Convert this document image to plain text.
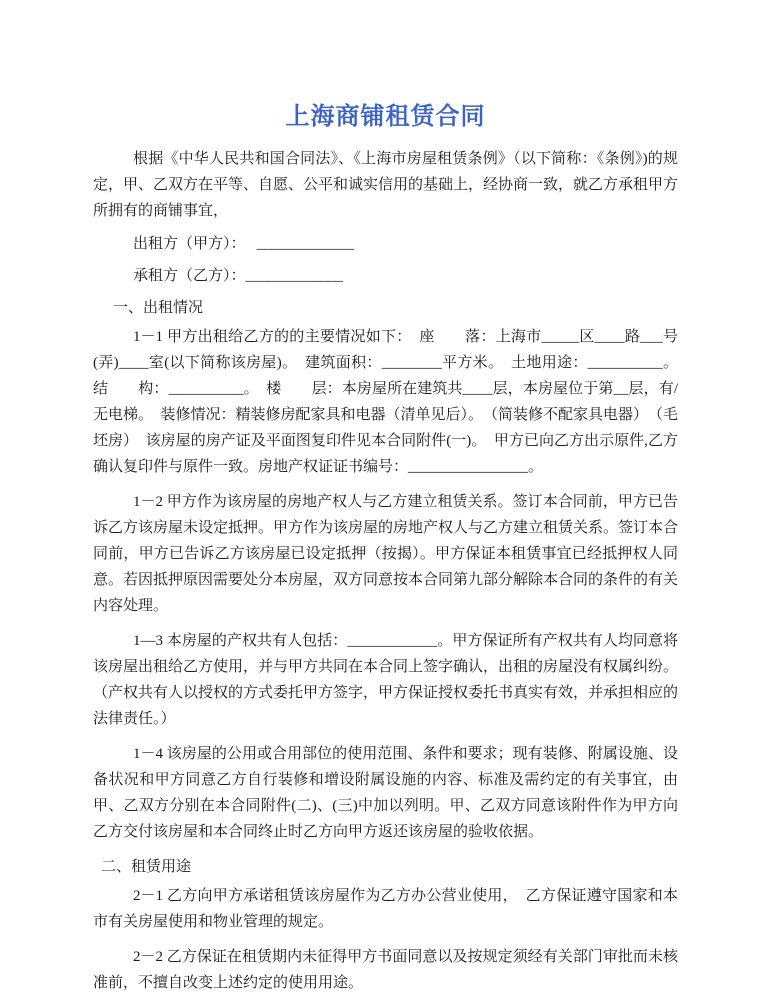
上海商铺租赁合同

根据《中华人民共和国合同法》、《上海市房屋租赁条例》（以下简称：《条例》)的规定，甲、乙双方在平等、自愿、公平和诚实信用的基础上，经协商一致，就乙方承租甲方所拥有的商铺事宜，

出租方（甲方）：　 _____________

承租方（乙方）：_____________

一、出租情况

1－1 甲方出租给乙方的的主要情况如下：　座　　落：上海市_____区____路___号(弄)____室(以下简称该房屋)。　建筑面积：________平方米。　土地用途：__________。结　　构：__________。　楼　　层：本房屋所在建筑共____层，本房屋位于第__层，有/无电梯。　装修情况：精装修房配家具和电器（清单见后）。　（简装修不配家具电器）　（毛坯房）　该房屋的房产证及平面图复印件见本合同附件(一)。　甲方已向乙方出示原件,乙方确认复印件与原件一致。房地产权证证书编号：________________。

1－2 甲方作为该房屋的房地产权人与乙方建立租赁关系。签订本合同前，甲方已告诉乙方该房屋未设定抵押。甲方作为该房屋的房地产权人与乙方建立租赁关系。签订本合同前，甲方已告诉乙方该房屋已设定抵押（按揭）。甲方保证本租赁事宜已经抵押权人同意。若因抵押原因需要处分本房屋，双方同意按本合同第九部分解除本合同的条件的有关内容处理。

1—3 本房屋的产权共有人包括：____________。甲方保证所有产权共有人均同意将该房屋出租给乙方使用，并与甲方共同在本合同上签字确认，出租的房屋没有权属纠纷。（产权共有人以授权的方式委托甲方签字，甲方保证授权委托书真实有效，并承担相应的法律责任。）

1－4 该房屋的公用或合用部位的使用范围、条件和要求；现有装修、附属设施、设备状况和甲方同意乙方自行装修和增设附属设施的内容、标准及需约定的有关事宜，由甲、乙双方分别在本合同附件(二)、(三)中加以列明。甲、乙双方同意该附件作为甲方向乙方交付该房屋和本合同终止时乙方向甲方返还该房屋的验收依据。

二、租赁用途

2－1 乙方向甲方承诺租赁该房屋作为乙方办公营业使用，　乙方保证遵守国家和本市有关房屋使用和物业管理的规定。

2－2 乙方保证在租赁期内未征得甲方书面同意以及按规定须经有关部门审批而未核准前，不擅自改变上述约定的使用用途。
